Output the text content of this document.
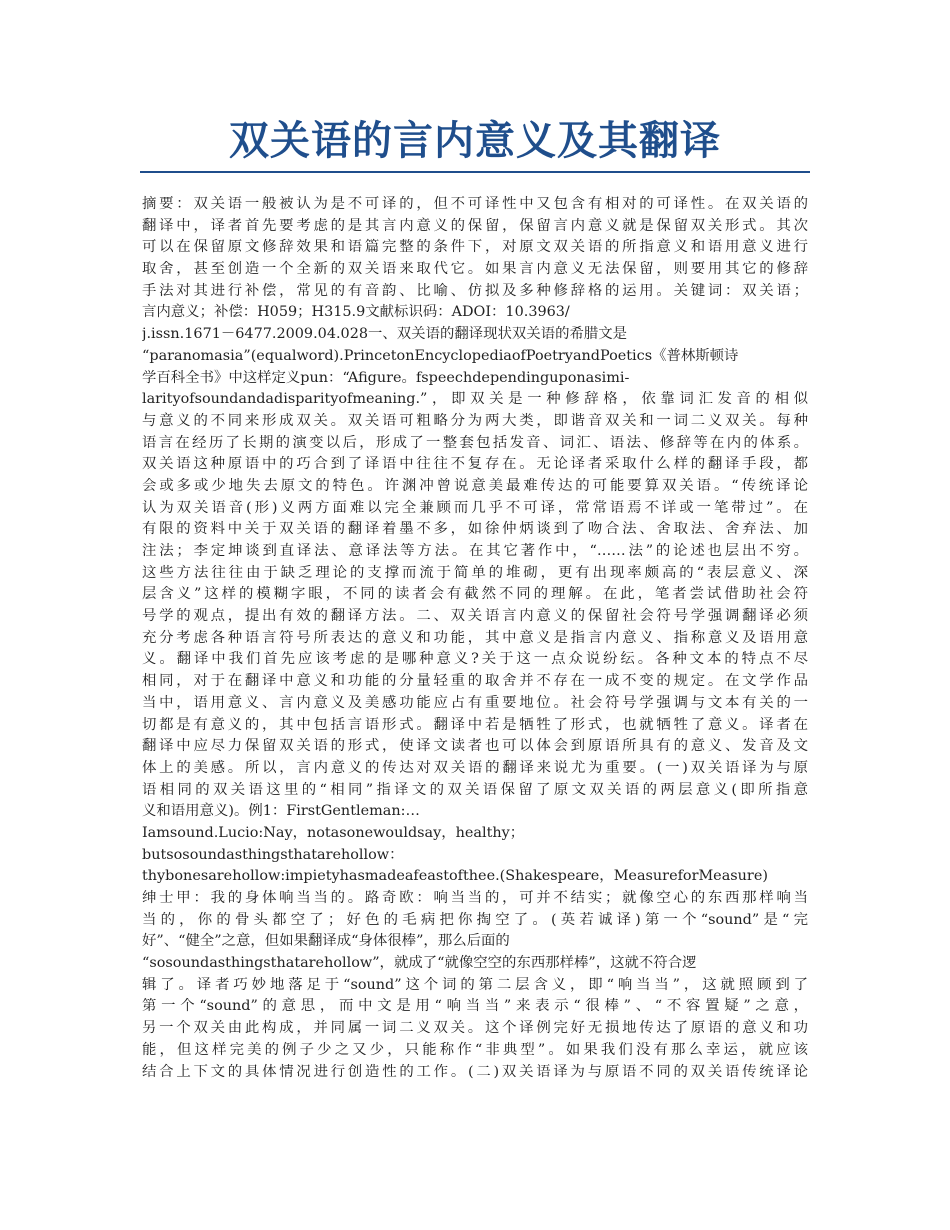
双关语的言内意义及其翻译
摘要：双关语一般被认为是不可译的，但不可译性中又包含有相对的可译性。在双关语的
翻译中，译者首先要考虑的是其言内意义的保留，保留言内意义就是保留双关形式。其次
可以在保留原文修辞效果和语篇完整的条件下，对原文双关语的所指意义和语用意义进行
取舍，甚至创造一个全新的双关语来取代它。如果言内意义无法保留，则要用其它的修辞
手法对其进行补偿，常见的有音韵、比喻、仿拟及多种修辞格的运用。关键词：双关语；
言内意义；补偿：H059；H315.9文献标识码：ADOI：10.3963/
j.issn.1671－6477.2009.04.028一、双关语的翻译现状双关语的希腊文是
“paranomasia”(equalword).PrincetonEncyclopediaofPoetryandPoetics《普林斯顿诗
学百科全书》中这样定义pun：“Afigure。fspeechdependinguponasimi-
larityofsoundandadisparityofmeaning.”，即双关是一种修辞格，依靠词汇发音的相似
与意义的不同来形成双关。双关语可粗略分为两大类，即谐音双关和一词二义双关。每种
语言在经历了长期的演变以后，形成了一整套包括发音、词汇、语法、修辞等在内的体系。
双关语这种原语中的巧合到了译语中往往不复存在。无论译者采取什么样的翻译手段，都
会或多或少地失去原文的特色。许渊冲曾说意美最难传达的可能要算双关语。“传统译论
认为双关语音(形)义两方面难以完全兼顾而几乎不可译，常常语焉不详或一笔带过”。在
有限的资料中关于双关语的翻译着墨不多，如徐仲炳谈到了吻合法、舍取法、舍弃法、加
注法；李定坤谈到直译法、意译法等方法。在其它著作中，“……法”的论述也层出不穷。
这些方法往往由于缺乏理论的支撑而流于简单的堆砌，更有出现率颇高的“表层意义、深
层含义”这样的模糊字眼，不同的读者会有截然不同的理解。在此，笔者尝试借助社会符
号学的观点，提出有效的翻译方法。二、双关语言内意义的保留社会符号学强调翻译必须
充分考虑各种语言符号所表达的意义和功能，其中意义是指言内意义、指称意义及语用意
义。翻译中我们首先应该考虑的是哪种意义?关于这一点众说纷纭。各种文本的特点不尽
相同，对于在翻译中意义和功能的分量轻重的取舍并不存在一成不变的规定。在文学作品
当中，语用意义、言内意义及美感功能应占有重要地位。社会符号学强调与文本有关的一
切都是有意义的，其中包括言语形式。翻译中若是牺牲了形式，也就牺牲了意义。译者在
翻译中应尽力保留双关语的形式，使译文读者也可以体会到原语所具有的意义、发音及文
体上的美感。所以，言内意义的传达对双关语的翻译来说尤为重要。(一)双关语译为与原
语相同的双关语这里的“相同”指译文的双关语保留了原文双关语的两层意义(即所指意
义和语用意义)。例1：FirstGentleman:…
Iamsound.Lucio:Nay，notasonewouldsay，healthy；
butsosoundasthingsthatarehollow：
thybonesarehollow:impietyhasmadeafeastofthee.(Shakespeare，MeasureforMeasure)
绅士甲：我的身体响当当的。路奇欧：响当当的，可并不结实；就像空心的东西那样响当
当的，你的骨头都空了；好色的毛病把你掏空了。(英若诚译)第一个“sound”是“完
好”、“健全”之意，但如果翻译成“身体很棒”，那么后面的
“sosoundasthingsthatarehollow”，就成了“就像空空的东西那样棒”，这就不符合逻
辑了。译者巧妙地落足于“sound”这个词的第二层含义，即“响当当”，这就照顾到了
第一个“sound”的意思，而中文是用“响当当”来表示“很棒”、“不容置疑”之意，
另一个双关由此构成，并同属一词二义双关。这个译例完好无损地传达了原语的意义和功
能，但这样完美的例子少之又少，只能称作“非典型”。如果我们没有那么幸运，就应该
结合上下文的具体情况进行创造性的工作。(二)双关语译为与原语不同的双关语传统译论
